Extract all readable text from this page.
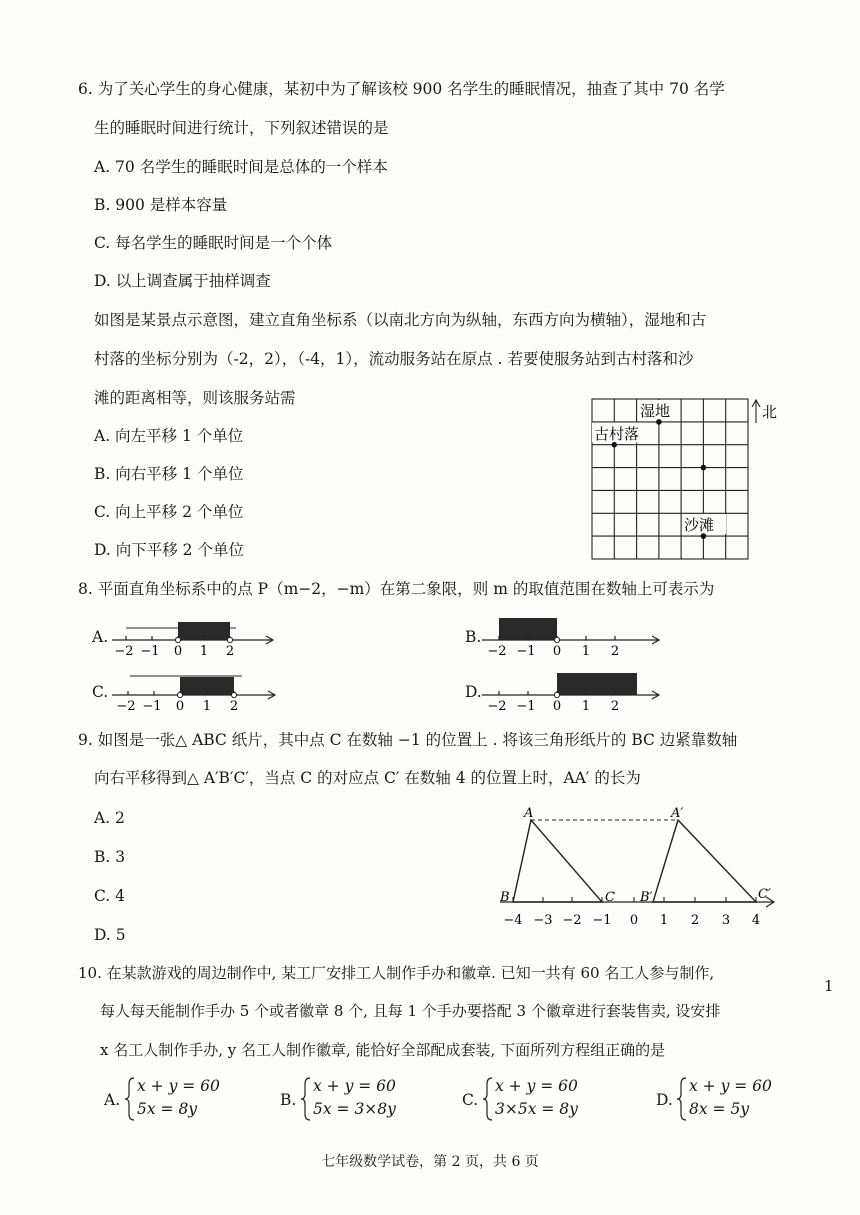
6. 为了关心学生的身心健康，某初中为了解该校 900 名学生的睡眠情况，抽查了其中 70 名学
生的睡眠时间进行统计，下列叙述错误的是
A. 70 名学生的睡眠时间是总体的一个样本
B. 900 是样本容量
C. 每名学生的睡眠时间是一个个体
D. 以上调查属于抽样调查
如图是某景点示意图，建立直角坐标系（以南北方向为纵轴，东西方向为横轴），湿地和古
村落的坐标分别为（-2，2），（-4，1），流动服务站在原点 . 若要使服务站到古村落和沙
滩的距离相等，则该服务站需
A. 向左平移 1 个单位
B. 向右平移 1 个单位
C. 向上平移 2 个单位
D. 向下平移 2 个单位
湿地
古村落
沙滩
北
8. 平面直角坐标系中的点 P（m−2，−m）在第二象限，则 m 的取值范围在数轴上可表示为
A.
−2 −1 0 1 2
B.
−2 −1 0 1 2
C.
−2 −1 0 1 2
D.
−2 −1 0 1 2
9. 如图是一张△ ABC 纸片，其中点 C 在数轴 −1 的位置上 . 将该三角形纸片的 BC 边紧靠数轴
向右平移得到△ A′B′C′，当点 C 的对应点 C′ 在数轴 4 的位置上时，AA′ 的长为
A. 2
B. 3
C. 4
D. 5
A	A′
B	C B′	C′
−4 −3 −2 −1 0 1 2 3 4
10. 在某款游戏的周边制作中, 某工厂安排工人制作手办和徽章. 已知一共有 60 名工人参与制作,
每人每天能制作手办 5 个或者徽章 8 个, 且每 1 个手办要搭配 3 个徽章进行套装售卖, 设安排
x 名工人制作手办, y 名工人制作徽章, 能恰好全部配成套装, 下面所列方程组正确的是
A.
x + y = 60
5x = 8y	B.
x + y = 60
5x = 3×8y	C.
x + y = 60
3×5x = 8y	D.
x + y = 60
8x = 5y
1
七年级数学试卷，第 2 页，共 6 页
